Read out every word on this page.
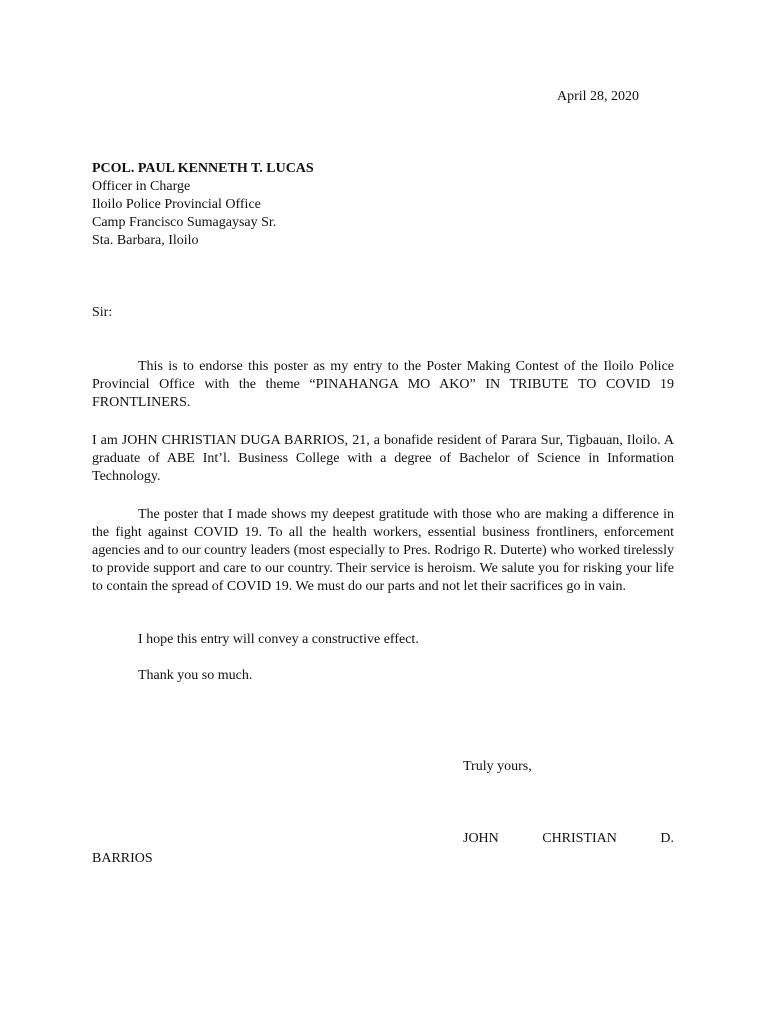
April 28, 2020
PCOL. PAUL KENNETH T. LUCAS
Officer in Charge
Iloilo Police Provincial Office
Camp Francisco Sumagaysay Sr.
Sta. Barbara, Iloilo
Sir:

This is to endorse this poster as my entry to the Poster Making Contest of the Iloilo Police Provincial Office with the theme “PINAHANGA MO AKO” IN TRIBUTE TO COVID 19 FRONTLINERS.

I am JOHN CHRISTIAN DUGA BARRIOS, 21, a bonafide resident of Parara Sur, Tigbauan, Iloilo. A graduate of ABE Int’l. Business College with a degree of Bachelor of Science in Information Technology.

The poster that I made shows my deepest gratitude with those who are making a difference in the fight against COVID 19. To all the health workers, essential business frontliners, enforcement agencies and to our country leaders (most especially to Pres. Rodrigo R. Duterte) who worked tirelessly to provide support and care to our country. Their service is heroism. We salute you for risking your life to contain the spread of COVID 19. We must do our parts and not let their sacrifices go in vain.

I hope this entry will convey a constructive effect.

Thank you so much.

Truly yours,
JOHN	CHRISTIAN	D.
BARRIOS
